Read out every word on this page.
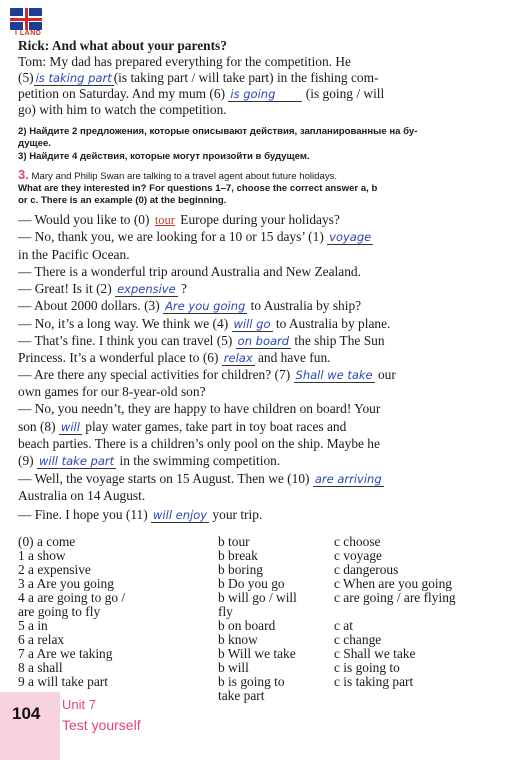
I LAND
Rick: And what about your parents?
Tom: My dad has prepared everything for the competition. He
(5) is taking part (is taking part / will take part) in the fishing com-
petition on Saturday. And my mum (6) is going (is going / will
go) with him to watch the competition.
2) Найдите 2 предложения, которые описывают действия, запланированные на бу-
дущее.
3) Найдите 4 действия, которые могут произойти в будущем.
3. Mary and Philip Swan are talking to a travel agent about future holidays.
What are they interested in? For questions 1–7, choose the correct answer a, b
or c. There is an example (0) at the beginning.
— Would you like to (0) tour Europe during your holidays?
— No, thank you, we are looking for a 10 or 15 days’ (1) voyage
in the Pacific Ocean.
— There is a wonderful trip around Australia and New Zealand.
— Great! Is it (2) expensive ?
— About 2000 dollars. (3) Are you going to Australia by ship?
— No, it’s a long way. We think we (4) will go to Australia by plane.
— That’s fine. I think you can travel (5) on board the ship The Sun
Princess. It’s a wonderful place to (6) relax and have fun.
— Are there any special activities for children? (7) Shall we take our
own games for our 8-year-old son?
— No, you needn’t, they are happy to have children on board! Your
son (8) will play water games, take part in toy boat races and
beach parties. There is a children’s only pool on the ship. Maybe he
(9) will take part in the swimming competition.
— Well, the voyage starts on 15 August. Then we (10) are arriving
Australia on 14 August.
— Fine. I hope you (11) will enjoy your trip.
(0) a come
1 a show
2 a expensive
3 a Are you going
4 a are going to go /
are going to fly
5 a in
6 a relax
7 a Are we taking
8 a shall
9 a will take part
b tour
b break
b boring
b Do you go
b will go / will
fly
b on board
b know
b Will we take
b will
b is going to
take part
c choose
c voyage
c dangerous
c When are you going
c are going / are flying

c at
c change
c Shall we take
c is going to
c is taking part
104 Unit 7
Test yourself
